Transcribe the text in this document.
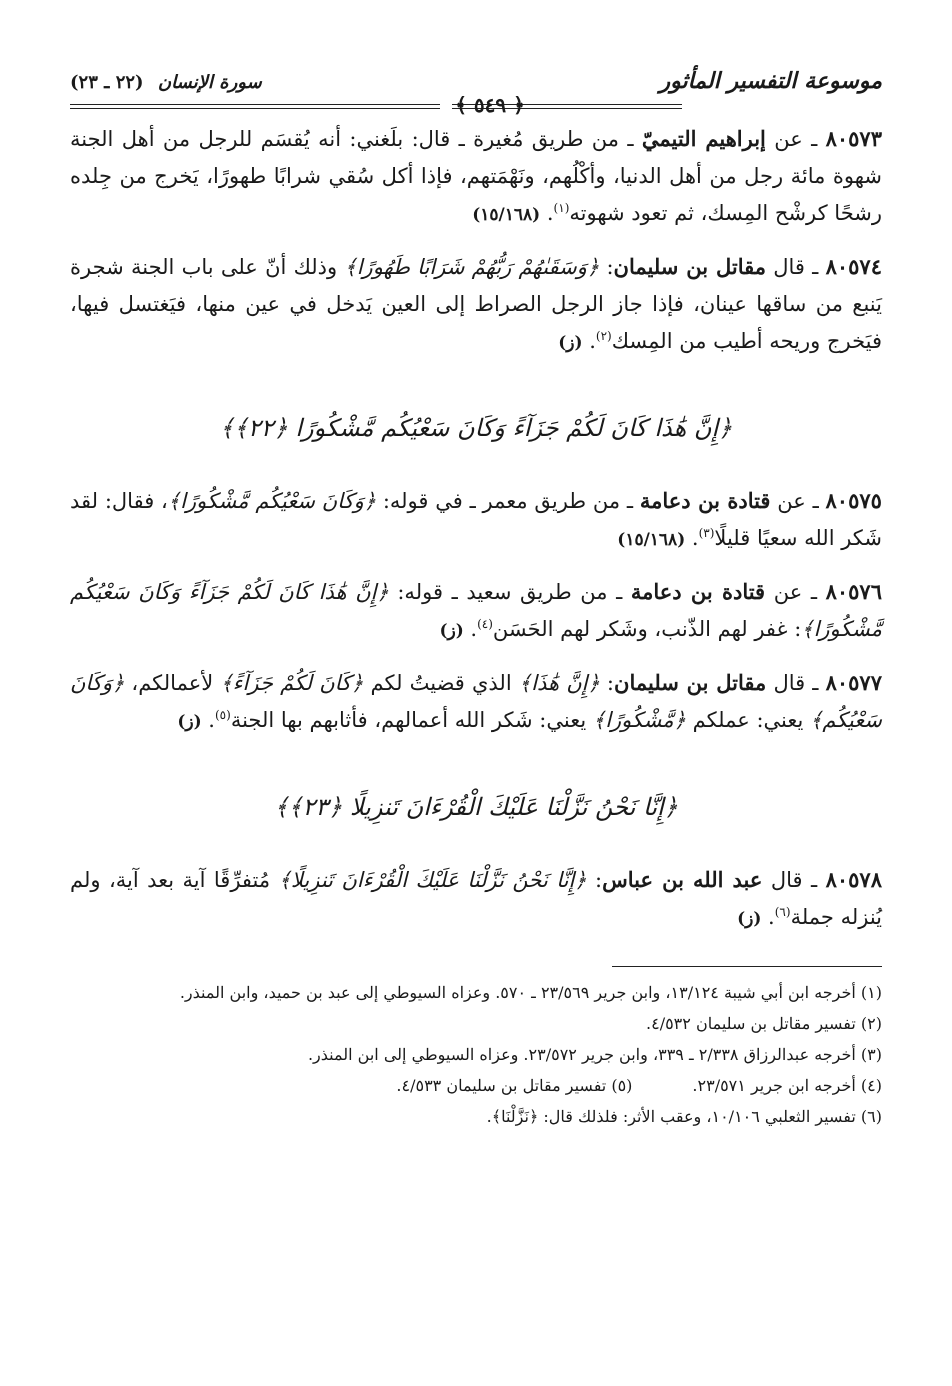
موسوعة التفسير المأثور
سورة الإنسان (٢٢ ـ ٢٣)
﴿ ٥٤٩ ﴾

٨٠٥٧٣ ـ عن إبراهيم التيميّ ـ من طريق مُغيرة ـ قال: بلَغني: أنه يُقسَم للرجل من أهل الجنة شهوة مائة رجل من أهل الدنيا، وأكْلُهم، ونَهْمَتهم، فإذا أكل سُقي شرابًا طهورًا، يَخرج من جِلده رشحًا كرشْح المِسك، ثم تعود شهوته$^{(١)}$. (١٥/١٦٨)

٨٠٥٧٤ ـ قال مقاتل بن سليمان: ﴿وَسَقَىٰهُمْ رَبُّهُمْ شَرَابًا طَهُورًا﴾ وذلك أنّ على باب الجنة شجرة يَنبع من ساقها عينان، فإذا جاز الرجل الصراط إلى العين يَدخل في عين منها، فيَغتسل فيها، فيَخرج وريحه أطيب من المِسك$^{(٢)}$. (ز)

﴿إِنَّ هَٰذَا كَانَ لَكُمْ جَزَآءً وَكَانَ سَعْيُكُم مَّشْكُورًا ﴿٢٢﴾﴾

٨٠٥٧٥ ـ عن قتادة بن دعامة ـ من طريق معمر ـ في قوله: ﴿وَكَانَ سَعْيُكُم مَّشْكُورًا﴾، فقال: لقد شَكر الله سعيًا قليلًا$^{(٣)}$. (١٥/١٦٨)

٨٠٥٧٦ ـ عن قتادة بن دعامة ـ من طريق سعيد ـ قوله: ﴿إِنَّ هَٰذَا كَانَ لَكُمْ جَزَآءً وَكَانَ سَعْيُكُم مَّشْكُورًا﴾: غفر لهم الذّنب، وشَكر لهم الحَسَن$^{(٤)}$. (ز)

٨٠٥٧٧ ـ قال مقاتل بن سليمان: ﴿إِنَّ هَٰذَا﴾ الذي قضيتُ لكم ﴿كَانَ لَكُمْ جَزَآءً﴾ لأعمالكم، ﴿وَكَانَ سَعْيُكُم﴾ يعني: عملكم ﴿مَّشْكُورًا﴾ يعني: شَكر الله أعمالهم، فأثابهم بها الجنة$^{(٥)}$. (ز)

﴿إِنَّا نَحْنُ نَزَّلْنَا عَلَيْكَ الْقُرْءَانَ تَنزِيلًا ﴿٢٣﴾﴾

٨٠٥٧٨ ـ قال عبد الله بن عباس: ﴿إِنَّا نَحْنُ نَزَّلْنَا عَلَيْكَ الْقُرْءَانَ تَنزِيلًا﴾ مُتفرِّقًا آية بعد آية، ولم يُنزله جملة$^{(٦)}$. (ز)

(١) أخرجه ابن أبي شيبة ١٣/١٢٤، وابن جرير ٢٣/٥٦٩ ـ ٥٧٠. وعزاه السيوطي إلى عبد بن حميد، وابن المنذر.

(٢) تفسير مقاتل بن سليمان ٤/٥٣٢.

(٣) أخرجه عبدالرزاق ٢/٣٣٨ ـ ٣٣٩، وابن جرير ٢٣/٥٧٢. وعزاه السيوطي إلى ابن المنذر.

(٤) أخرجه ابن جرير ٢٣/٥٧١.

(٥) تفسير مقاتل بن سليمان ٤/٥٣٣.

(٦) تفسير الثعلبي ١٠/١٠٦، وعقب الأثر: فلذلك قال: ﴿نَزَّلْنَا﴾.
